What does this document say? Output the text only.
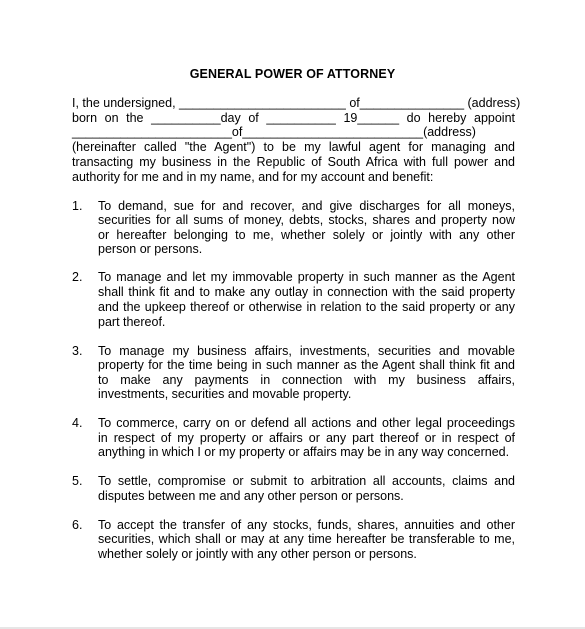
GENERAL POWER OF ATTORNEY
I, the undersigned, ________________________ of_______________ (address)
born on the __________day of __________ 19______ do hereby appoint
_______________________of__________________________(address)
(hereinafter called "the Agent") to be my lawful agent for managing and
transacting my business in the Republic of South Africa with full power and
authority for me and in my name, and for my account and benefit:
1. To demand, sue for and recover, and give discharges for all moneys,
securities for all sums of money, debts, stocks, shares and property now
or hereafter belonging to me, whether solely or jointly with any other
person or persons.
2. To manage and let my immovable property in such manner as the Agent
shall think fit and to make any outlay in connection with the said property
and the upkeep thereof or otherwise in relation to the said property or any
part thereof.
3. To manage my business affairs, investments, securities and movable
property for the time being in such manner as the Agent shall think fit and
to make any payments in connection with my business affairs,
investments, securities and movable property.
4. To commerce, carry on or defend all actions and other legal proceedings
in respect of my property or affairs or any part thereof or in respect of
anything in which I or my property or affairs may be in any way concerned.
5. To settle, compromise or submit to arbitration all accounts, claims and
disputes between me and any other person or persons.
6. To accept the transfer of any stocks, funds, shares, annuities and other
securities, which shall or may at any time hereafter be transferable to me,
whether solely or jointly with any other person or persons.
